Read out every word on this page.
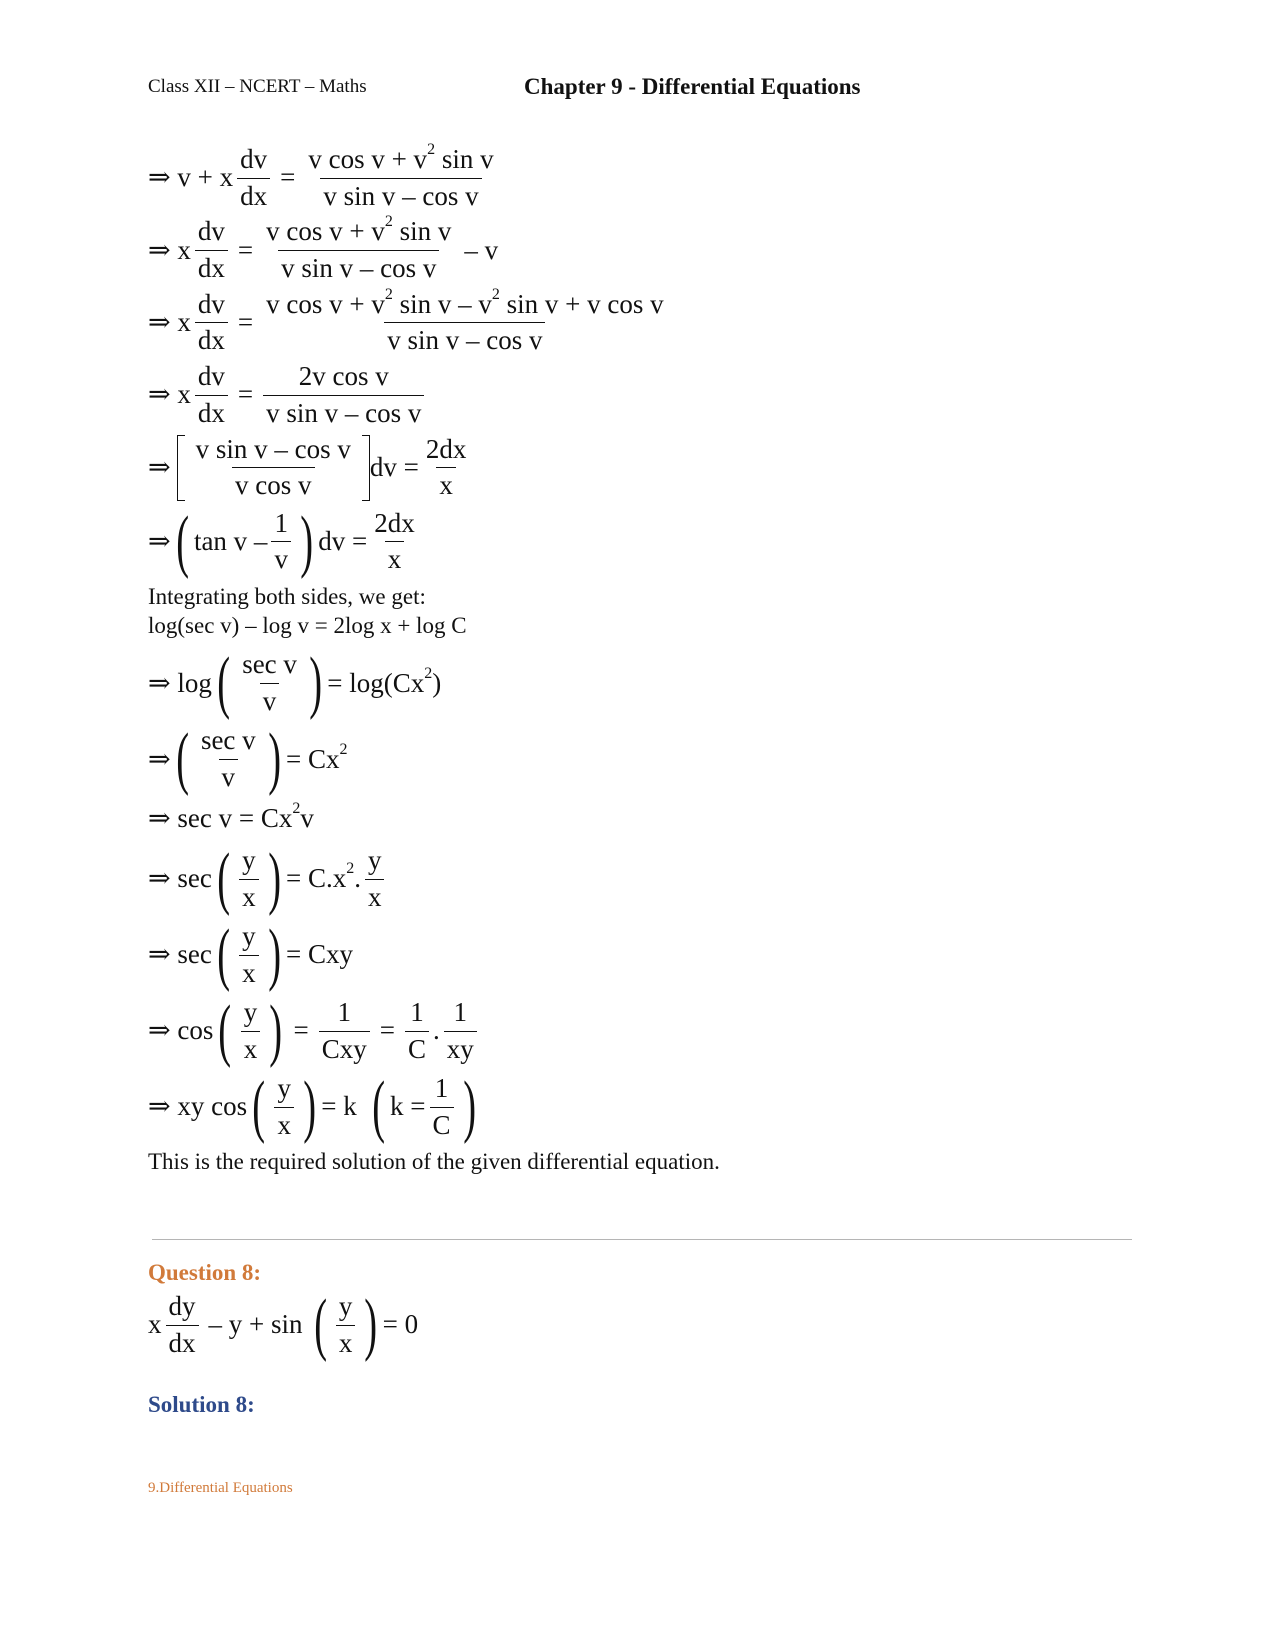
Class XII – NCERT – Maths	Chapter 9 - Differential Equations
⇒ v + x $\frac{dv}{dx} = \frac{v \cos v + v^2 \sin v}{\text{v sin v – cos v}}$
⇒ x $\frac{dv}{dx} = \frac{v \cos v + v^2 \sin v}{\text{v sin v – cos v}} - v$
⇒ x $\frac{dv}{dx} = \frac{v \cos v + v^2 \sin v - v^2 \sin v + v \cos v}{\text{v sin v – cos v}}$
⇒ x $\frac{dv}{dx} = \frac{\text{2v cos v}}{\text{v sin v – cos v}}$
⇒ $\frac{\text{v sin v – cos v}}{\text{v cos v}}$ dv = $\frac{2dx}{x}$
⇒ ( tan v – $\frac{1}{v}$ ) dv = $\frac{2dx}{x}$
Integrating both sides, we get:
log(sec v) – log v = 2log x + log C
⇒ log ( $\frac{\text{sec v}}{v}$ ) = $\log(Cx^2)$
⇒ ( $\frac{\text{sec v}}{v}$ ) = $Cx^2$
⇒ $\sec v = Cx^2v$
⇒ sec ( $\frac{y}{x}$ ) = $C.x^2$. $\frac{y}{x}$
⇒ sec ( $\frac{y}{x}$ ) = Cxy
⇒ cos ( $\frac{y}{x}$ ) = $\frac{1}{\text{Cxy}} = \frac{1}{C}$ . $\frac{1}{xy}$
⇒ xy cos ( $\frac{y}{x}$ ) = k ( $k = \frac{1}{C}$ )
This is the required solution of the given differential equation.
Question 8:
x $\frac{dy}{dx} - y + \sin$ ( $\frac{y}{x}$ ) = 0
Solution 8:
9.Differential Equations
